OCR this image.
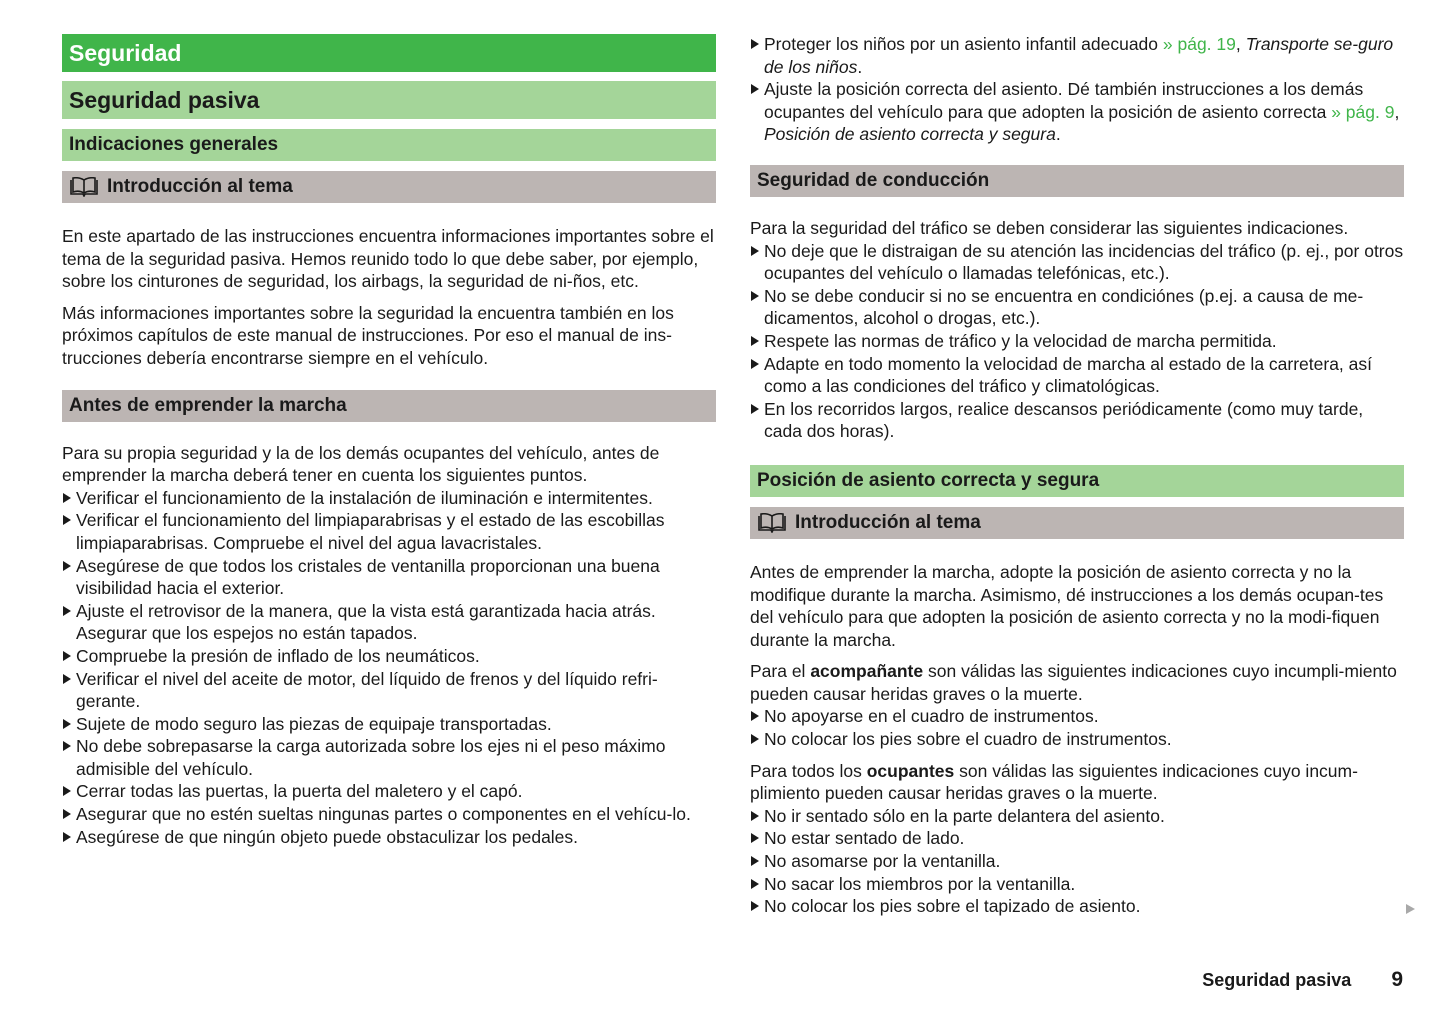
Seguridad
Seguridad pasiva
Indicaciones generales
Introducción al tema

En este apartado de las instrucciones encuentra informaciones importantes sobre el tema de la seguridad pasiva. Hemos reunido todo lo que debe saber, por ejemplo, sobre los cinturones de seguridad, los airbags, la seguridad de ni-ños, etc.

Más informaciones importantes sobre la seguridad la encuentra también en los próximos capítulos de este manual de instrucciones. Por eso el manual de ins-trucciones debería encontrarse siempre en el vehículo.

Antes de emprender la marcha

Para su propia seguridad y la de los demás ocupantes del vehículo, antes de emprender la marcha deberá tener en cuenta los siguientes puntos.

Verificar el funcionamiento de la instalación de iluminación e intermitentes.
Verificar el funcionamiento del limpiaparabrisas y el estado de las escobillas limpiaparabrisas. Compruebe el nivel del agua lavacristales.
Asegúrese de que todos los cristales de ventanilla proporcionan una buena visibilidad hacia el exterior.
Ajuste el retrovisor de la manera, que la vista está garantizada hacia atrás. Asegurar que los espejos no están tapados.
Compruebe la presión de inflado de los neumáticos.
Verificar el nivel del aceite de motor, del líquido de frenos y del líquido refri-gerante.
Sujete de modo seguro las piezas de equipaje transportadas.
No debe sobrepasarse la carga autorizada sobre los ejes ni el peso máximo admisible del vehículo.
Cerrar todas las puertas, la puerta del maletero y el capó.
Asegurar que no estén sueltas ningunas partes o componentes en el vehícu-lo.
Asegúrese de que ningún objeto puede obstaculizar los pedales.
Proteger los niños por un asiento infantil adecuado » pág. 19, Transporte se-guro de los niños.
Ajuste la posición correcta del asiento. Dé también instrucciones a los demás ocupantes del vehículo para que adopten la posición de asiento correcta » pág. 9, Posición de asiento correcta y segura.
Seguridad de conducción

Para la seguridad del tráfico se deben considerar las siguientes indicaciones.

No deje que le distraigan de su atención las incidencias del tráfico (p. ej., por otros ocupantes del vehículo o llamadas telefónicas, etc.).
No se debe conducir si no se encuentra en condiciónes (p.ej. a causa de me-dicamentos, alcohol o drogas, etc.).
Respete las normas de tráfico y la velocidad de marcha permitida.
Adapte en todo momento la velocidad de marcha al estado de la carretera, así como a las condiciones del tráfico y climatológicas.
En los recorridos largos, realice descansos periódicamente (como muy tarde, cada dos horas).
Posición de asiento correcta y segura
Introducción al tema

Antes de emprender la marcha, adopte la posición de asiento correcta y no la modifique durante la marcha. Asimismo, dé instrucciones a los demás ocupan-tes del vehículo para que adopten la posición de asiento correcta y no la modi-fiquen durante la marcha.

Para el acompañante son válidas las siguientes indicaciones cuyo incumpli-miento pueden causar heridas graves o la muerte.

No apoyarse en el cuadro de instrumentos.
No colocar los pies sobre el cuadro de instrumentos.

Para todos los ocupantes son válidas las siguientes indicaciones cuyo incum-plimiento pueden causar heridas graves o la muerte.

No ir sentado sólo en la parte delantera del asiento.
No estar sentado de lado.
No asomarse por la ventanilla.
No sacar los miembros por la ventanilla.
No colocar los pies sobre el tapizado de asiento.
Seguridad pasiva 9
